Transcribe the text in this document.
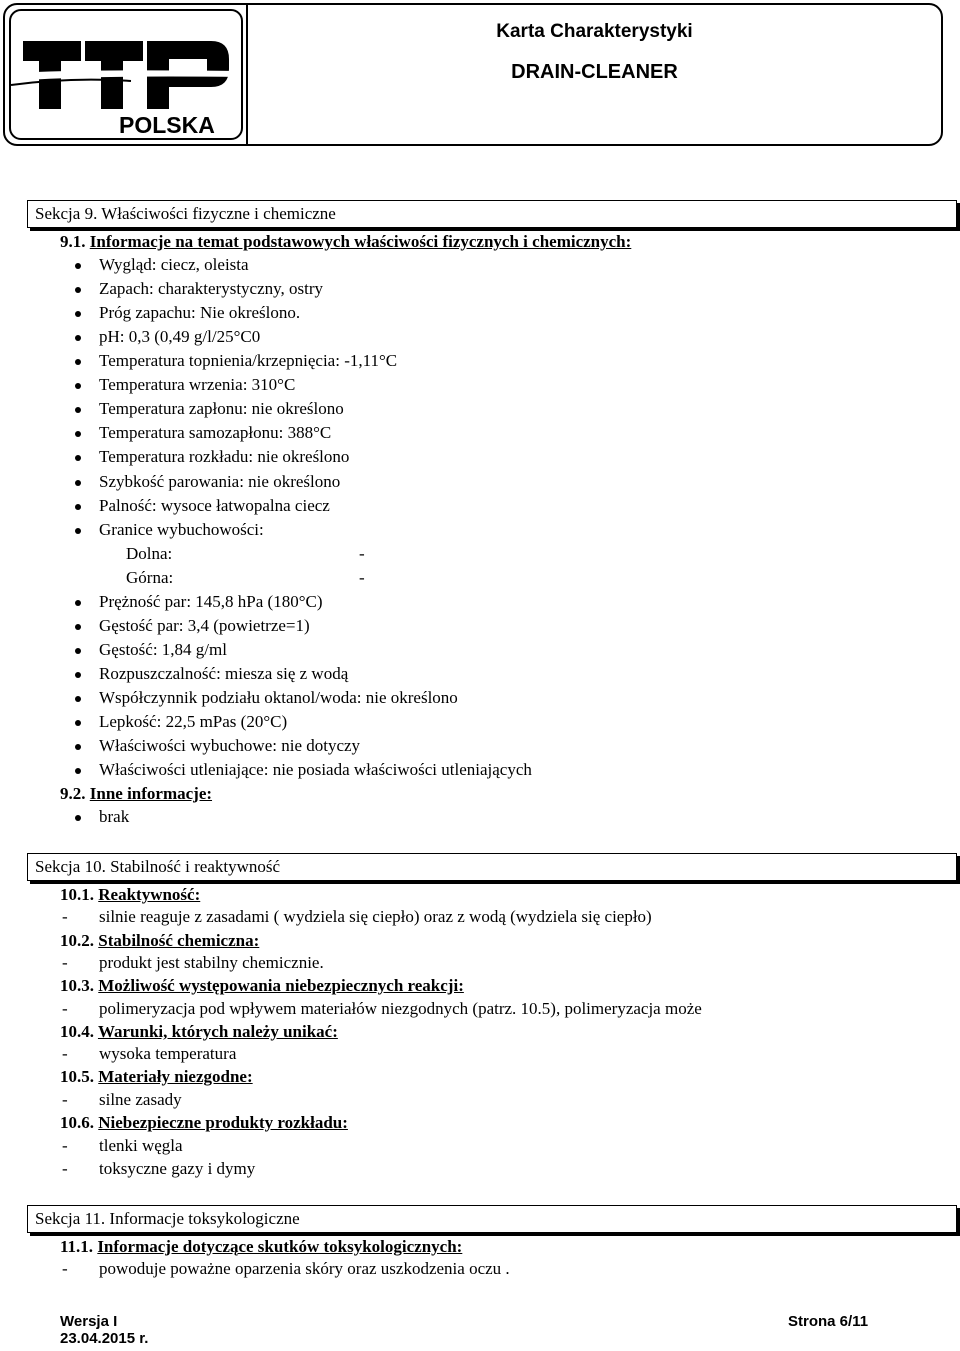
POLSKA
Karta Charakterystyki
DRAIN-CLEANER
Sekcja 9. Właściwości fizyczne i chemiczne
9.1. Informacje na temat podstawowych właściwości fizycznych i chemicznych:
Wygląd: ciecz, oleista
Zapach: charakterystyczny, ostry
Próg zapachu: Nie określono.
pH: 0,3 (0,49 g/l/25°C0
Temperatura topnienia/krzepnięcia: -1,11°C
Temperatura wrzenia: 310°C
Temperatura zapłonu: nie określono
Temperatura samozapłonu: 388°C
Temperatura rozkładu: nie określono
Szybkość parowania: nie określono
Palność: wysoce łatwopalna ciecz
Granice wybuchowości:
Dolna:	-
Górna:	-
Prężność par: 145,8 hPa (180°C)
Gęstość par: 3,4 (powietrze=1)
Gęstość: 1,84 g/ml
Rozpuszczalność: miesza się z wodą
Współczynnik podziału oktanol/woda: nie określono
Lepkość: 22,5 mPas (20°C)
Właściwości wybuchowe: nie dotyczy
Właściwości utleniające: nie posiada właściwości utleniających
9.2. Inne informacje:
brak
Sekcja 10. Stabilność i reaktywność
10.1. Reaktywność:
- silnie reaguje z zasadami ( wydziela się ciepło) oraz z wodą (wydziela się ciepło)
10.2. Stabilność chemiczna:
- produkt jest stabilny chemicznie.
10.3. Możliwość występowania niebezpiecznych reakcji:
- polimeryzacja pod wpływem materiałów niezgodnych (patrz. 10.5), polimeryzacja może
10.4. Warunki, których należy unikać:
- wysoka temperatura
10.5. Materiały niezgodne:
- silne zasady
10.6. Niebezpieczne produkty rozkładu:
- tlenki węgla
- toksyczne gazy i dymy
Sekcja 11. Informacje toksykologiczne
11.1. Informacje dotyczące skutków toksykologicznych:
- powoduje poważne oparzenia skóry oraz uszkodzenia oczu .
Wersja I
23.04.2015 r.
Strona 6/11
